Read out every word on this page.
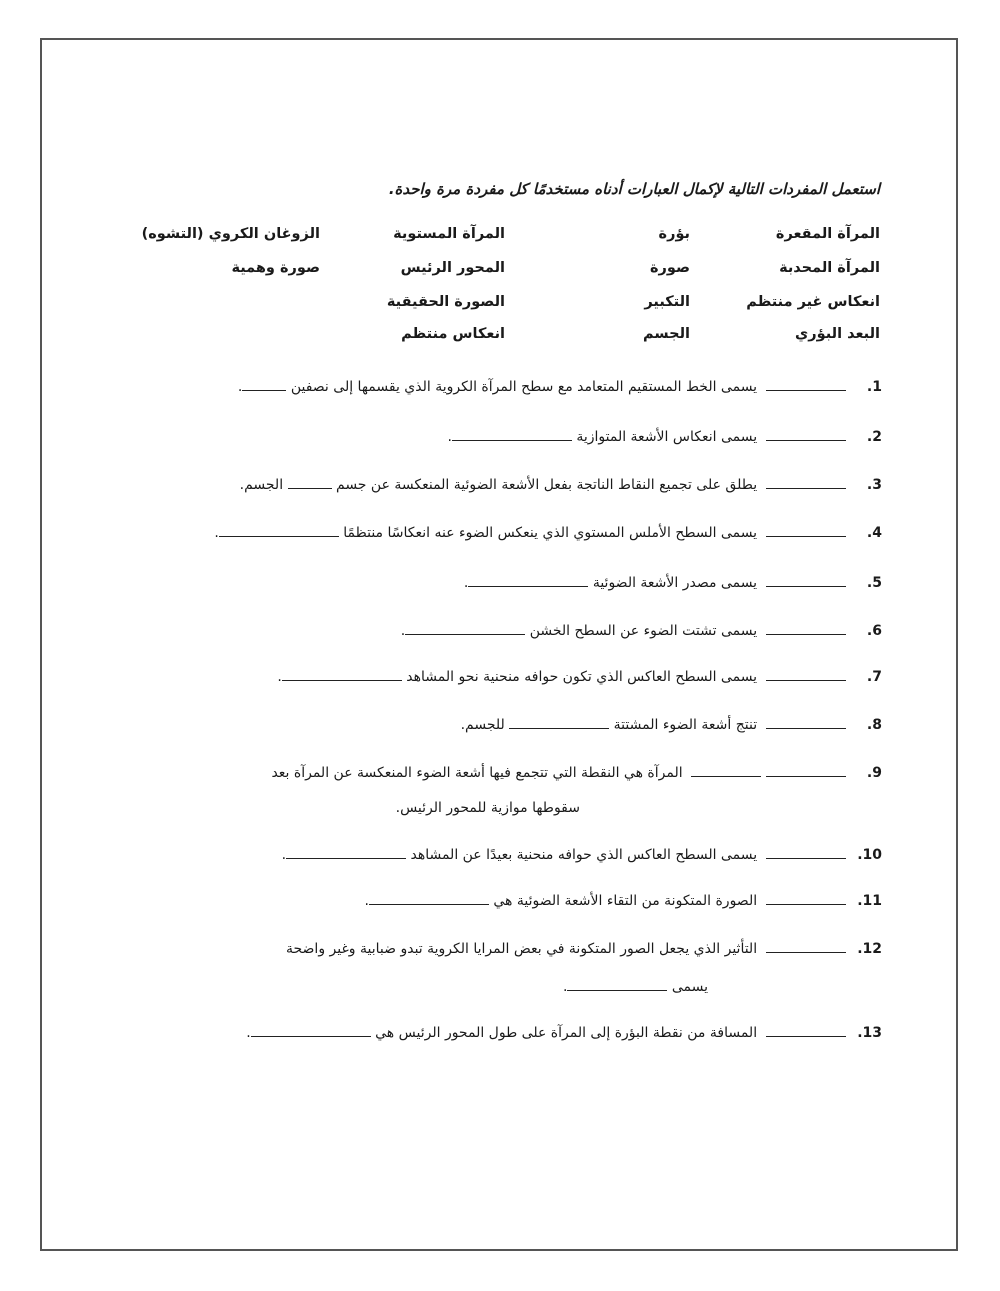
استعمل المفردات التالية لإكمال العبارات أدناه مستخدمًا كل مفردة مرة واحدة.
المرآة المقعرة
بؤرة
المرآة المستوية
الزوغان الكروي (التشوه)
المرآة المحدبة
صورة
المحور الرئيس
صورة وهمية
انعكاس غير منتظم
التكبير
الصورة الحقيقية
البعد البؤري
الجسم
انعكاس منتظم
1.  يسمى الخط المستقيم المتعامد مع سطح المرآة الكروية الذي يقسمها إلى نصفين .
2.  يسمى انعكاس الأشعة المتوازية .
3.  يطلق على تجميع النقاط الناتجة بفعل الأشعة الضوئية المنعكسة عن جسم  الجسم.
4.  يسمى السطح الأملس المستوي الذي ينعكس الضوء عنه انعكاسًا منتظمًا .
5.  يسمى مصدر الأشعة الضوئية .
6.  يسمى تشتت الضوء عن السطح الخشن .
7.  يسمى السطح العاكس الذي تكون حوافه منحنية نحو المشاهد .
8.  تنتج أشعة الضوء المشتتة  للجسم.
9.   المرآة هي النقطة التي تتجمع فيها أشعة الضوء المنعكسة عن المرآة بعد
سقوطها موازية للمحور الرئيس.
10.  يسمى السطح العاكس الذي حوافه منحنية بعيدًا عن المشاهد .
11.  الصورة المتكونة من التقاء الأشعة الضوئية هي .
12.  التأثير الذي يجعل الصور المتكونة في بعض المرايا الكروية تبدو ضبابية وغير واضحة
يسمى .
13.  المسافة من نقطة البؤرة إلى المرآة على طول المحور الرئيس هي .
